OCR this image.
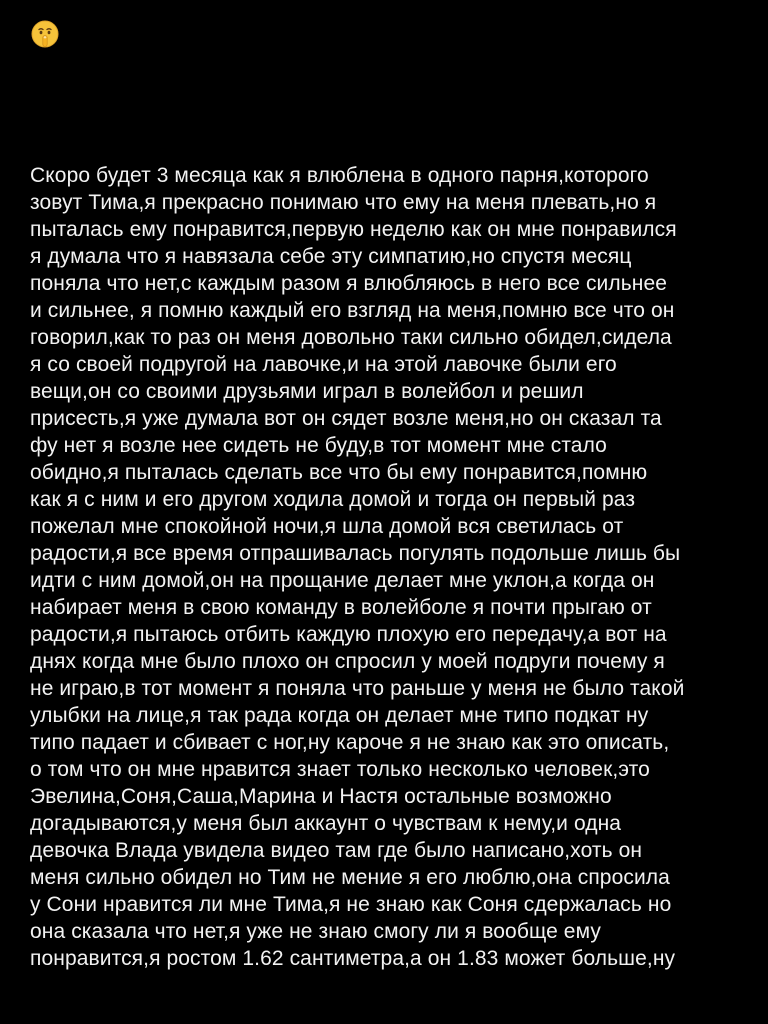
Скоро будет 3 месяца как я влюблена в одного парня,которого
зовут Тима,я прекрасно понимаю что ему на меня плевать,но я
пыталась ему понравится,первую неделю как он мне понравился
я думала что я навязала себе эту симпатию,но спустя месяц
поняла что нет,с каждым разом я влюбляюсь в него все сильнее
и сильнее, я помню каждый его взгляд на меня,помню все что он
говорил,как то раз он меня довольно таки сильно обидел,сидела
я со своей подругой на лавочке,и на этой лавочке были его
вещи,он со своими друзьями играл в волейбол и решил
присесть,я уже думала вот он сядет возле меня,но он сказал та
фу нет я возле нее сидеть не буду,в тот момент мне стало
обидно,я пыталась сделать все что бы ему понравится,помню
как я с ним и его другом ходила домой и тогда он первый раз
пожелал мне спокойной ночи,я шла домой вся светилась от
радости,я все время отпрашивалась погулять подольше лишь бы
идти с ним домой,он на прощание делает мне уклон,а когда он
набирает меня в свою команду в волейболе я почти прыгаю от
радости,я пытаюсь отбить каждую плохую его передачу,а вот на
днях когда мне было плохо он спросил у моей подруги почему я
не играю,в тот момент я поняла что раньше у меня не было такой
улыбки на лице,я так рада когда он делает мне типо подкат ну
типо падает и сбивает с ног,ну кароче я не знаю как это описать,
о том что он мне нравится знает только несколько человек,это
Эвелина,Соня,Саша,Марина и Настя остальные возможно
догадываются,у меня был аккаунт о чувствам к нему,и одна
девочка Влада увидела видео там где было написано,хоть он
меня сильно обидел но Тим не мение я его люблю,она спросила
у Сони нравится ли мне Тима,я не знаю как Соня сдержалась но
она сказала что нет,я уже не знаю смогу ли я вообще ему
понравится,я ростом 1.62 сантиметра,а он 1.83 может больше,ну
